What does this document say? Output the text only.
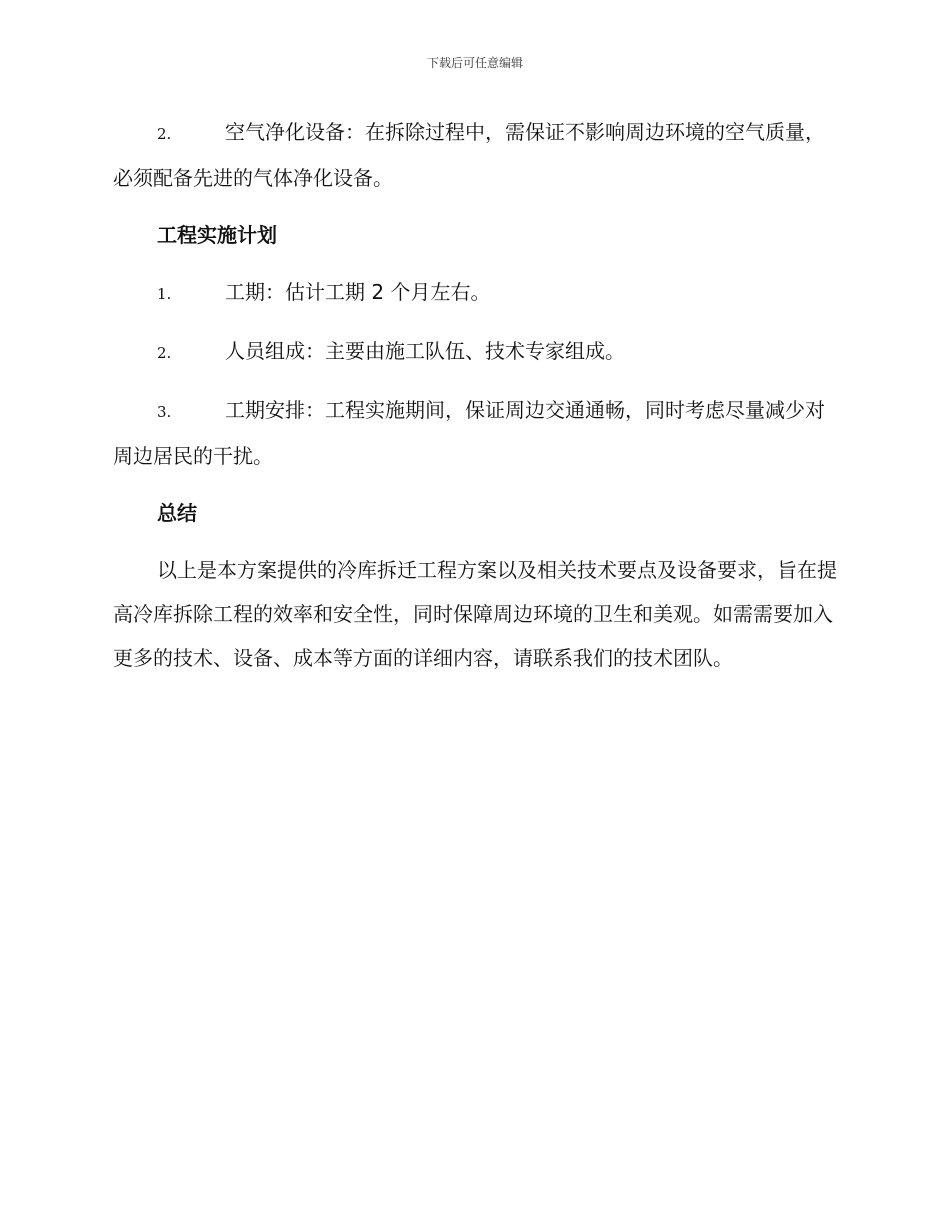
下载后可任意编辑

2.	空气净化设备：在拆除过程中，需保证不影响周边环境的空气质量，必须配备先进的气体净化设备。

工程实施计划

1.	工期：估计工期 2 个月左右。

2.	人员组成：主要由施工队伍、技术专家组成。

3.	工期安排：工程实施期间，保证周边交通通畅，同时考虑尽量减少对周边居民的干扰。

总结

以上是本方案提供的冷库拆迁工程方案以及相关技术要点及设备要求，旨在提高冷库拆除工程的效率和安全性，同时保障周边环境的卫生和美观。如需需要加入更多的技术、设备、成本等方面的详细内容，请联系我们的技术团队。
